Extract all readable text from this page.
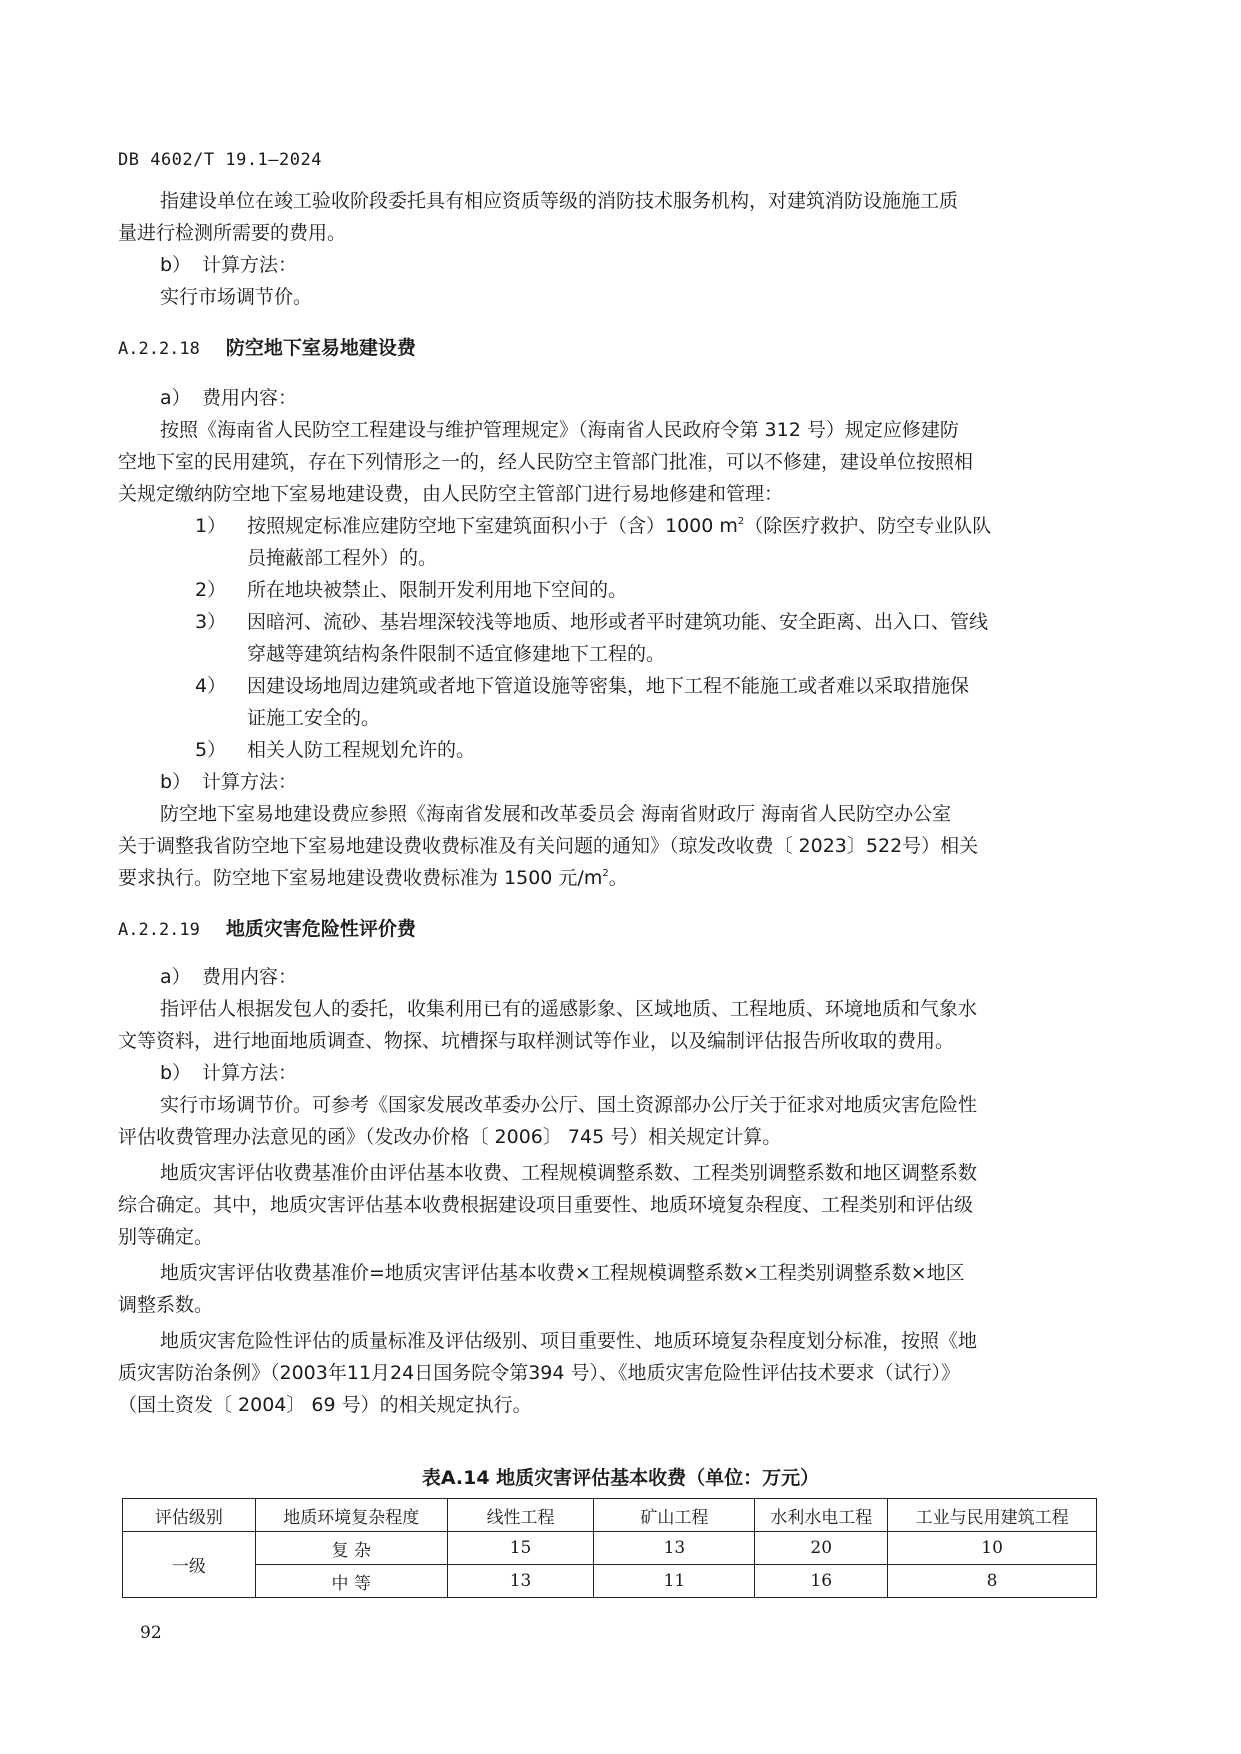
DB 4602/T 19.1—2024
指建设单位在竣工验收阶段委托具有相应资质等级的消防技术服务机构，对建筑消防设施施工质
量进行检测所需要的费用。
b） 计算方法：
实行市场调节价。
A.2.2.18 防空地下室易地建设费
a） 费用内容：
按照《海南省人民防空工程建设与维护管理规定》（海南省人民政府令第 312 号）规定应修建防
空地下室的民用建筑，存在下列情形之一的，经人民防空主管部门批准，可以不修建，建设单位按照相
关规定缴纳防空地下室易地建设费，由人民防空主管部门进行易地修建和管理：
1） 按照规定标准应建防空地下室建筑面积小于（含）1000 $m^2$（除医疗救护、防空专业队队
员掩蔽部工程外）的。
2） 所在地块被禁止、限制开发利用地下空间的。
3） 因暗河、流砂、基岩埋深较浅等地质、地形或者平时建筑功能、安全距离、出入口、管线
穿越等建筑结构条件限制不适宜修建地下工程的。
4） 因建设场地周边建筑或者地下管道设施等密集，地下工程不能施工或者难以采取措施保
证施工安全的。
5） 相关人防工程规划允许的。
b） 计算方法：
防空地下室易地建设费应参照《海南省发展和改革委员会 海南省财政厅 海南省人民防空办公室
关于调整我省防空地下室易地建设费收费标准及有关问题的通知》（琼发改收费〔 2023〕522号）相关
要求执行。防空地下室易地建设费收费标准为 1500 元$/m^2$。
A.2.2.19 地质灾害危险性评价费
a） 费用内容：
指评估人根据发包人的委托，收集利用已有的遥感影象、区域地质、工程地质、环境地质和气象水
文等资料，进行地面地质调查、物探、坑槽探与取样测试等作业，以及编制评估报告所收取的费用。
b） 计算方法：
实行市场调节价。可参考《国家发展改革委办公厅、国土资源部办公厅关于征求对地质灾害危险性
评估收费管理办法意见的函》（发改办价格〔 2006〕 745 号）相关规定计算。
地质灾害评估收费基准价由评估基本收费、工程规模调整系数、工程类别调整系数和地区调整系数
综合确定。其中，地质灾害评估基本收费根据建设项目重要性、地质环境复杂程度、工程类别和评估级
别等确定。
地质灾害评估收费基准价=地质灾害评估基本收费×工程规模调整系数×工程类别调整系数×地区
调整系数。
地质灾害危险性评估的质量标准及评估级别、项目重要性、地质环境复杂程度划分标准，按照《地
质灾害防治条例》（2003年11月24日国务院令第394 号）、《地质灾害危险性评估技术要求（试行）》
（国土资发〔 2004〕 69 号）的相关规定执行。
表A.14 地质灾害评估基本收费（单位：万元）
评估级别	地质环境复杂程度	线性工程	矿山工程	水利水电工程	工业与民用建筑工程
一级	复 杂	15	13	20	10
	中 等	13	11	16	8
92
